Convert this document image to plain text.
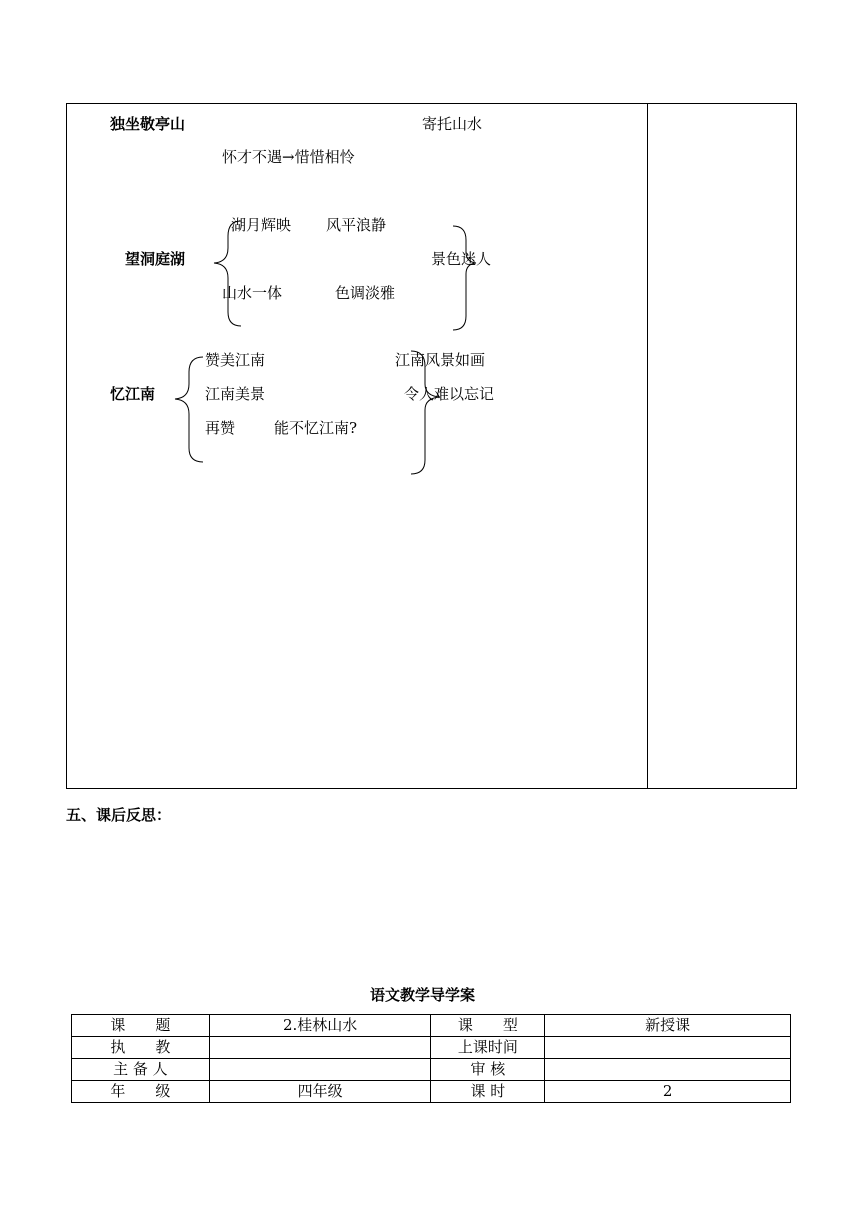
独坐敬亭山	寄托山水
怀才不遇→惜惜相怜
望洞庭湖
湖月辉映 风平浪静
山水一体	色调淡雅
景色迷人
忆江南
赞美江南
江南美景
再赞	能不忆江南?
江南风景如画
令人难以忘记
五、课后反思：
语文教学导学案
课　　题	2.桂林山水	课　　型	新授课
执　　教		上课时间	
主 备 人		审 核	
年　　级	四年级	课 时	2
